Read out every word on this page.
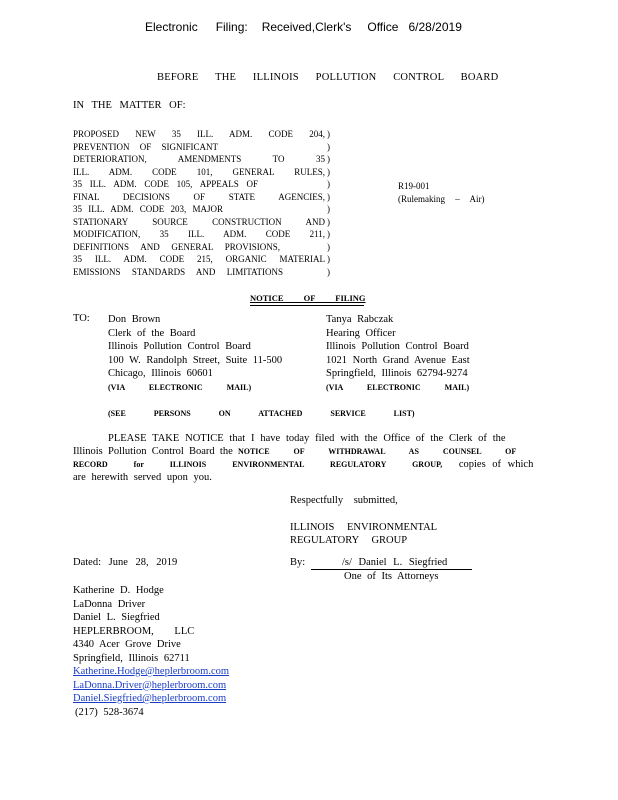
Electronic Filing: Received,Clerk's Office 6/28/2019
BEFORE THE ILLINOIS POLLUTION CONTROL BOARD
IN THE MATTER OF:
PROPOSED NEW 35 ILL. ADM. CODE 204,
PREVENTION OF SIGNIFICANT
DETERIORATION, AMENDMENTS TO 35
ILL. ADM. CODE 101, GENERAL RULES,
35 ILL. ADM. CODE 105, APPEALS OF
FINAL DECISIONS OF STATE AGENCIES,
35 ILL. ADM. CODE 203, MAJOR
STATIONARY SOURCE CONSTRUCTION AND
MODIFICATION, 35 ILL. ADM. CODE 211,
DEFINITIONS AND GENERAL PROVISIONS,
35 ILL. ADM. CODE 215, ORGANIC MATERIAL
EMISSIONS STANDARDS AND LIMITATIONS
)
)
)
)
)
)
)
)
)
)
)
)
R19-001
(Rulemaking – Air)
NOTICE OF FILING
TO: Don Brown
Clerk of the Board
Illinois Pollution Control Board
100 W. Randolph Street, Suite 11-500
Chicago, Illinois 60601
(VIA ELECTRONIC MAIL)
Tanya Rabczak
Hearing Officer
Illinois Pollution Control Board
1021 North Grand Avenue East
Springfield, Illinois 62794-9274
(VIA ELECTRONIC MAIL)
(SEE PERSONS ON ATTACHED SERVICE LIST)
PLEASE TAKE NOTICE that I have today filed with the Office of the Clerk of the
Illinois Pollution Control Board the NOTICE OF WITHDRAWAL AS COUNSEL OF
RECORD for ILLINOIS ENVIRONMENTAL REGULATORY GROUP, copies of which
are herewith served upon you.
Respectfully submitted,
ILLINOIS ENVIRONMENTAL
REGULATORY GROUP
Dated: June 28, 2019	By:	/s/ Daniel L. Siegfried
One of Its Attorneys
Katherine D. Hodge
LaDonna Driver
Daniel L. Siegfried
HEPLERBROOM, LLC
4340 Acer Grove Drive
Springfield, Illinois 62711
Katherine.Hodge@heplerbroom.com
LaDonna.Driver@heplerbroom.com
Daniel.Siegfried@heplerbroom.com
(217) 528-3674
